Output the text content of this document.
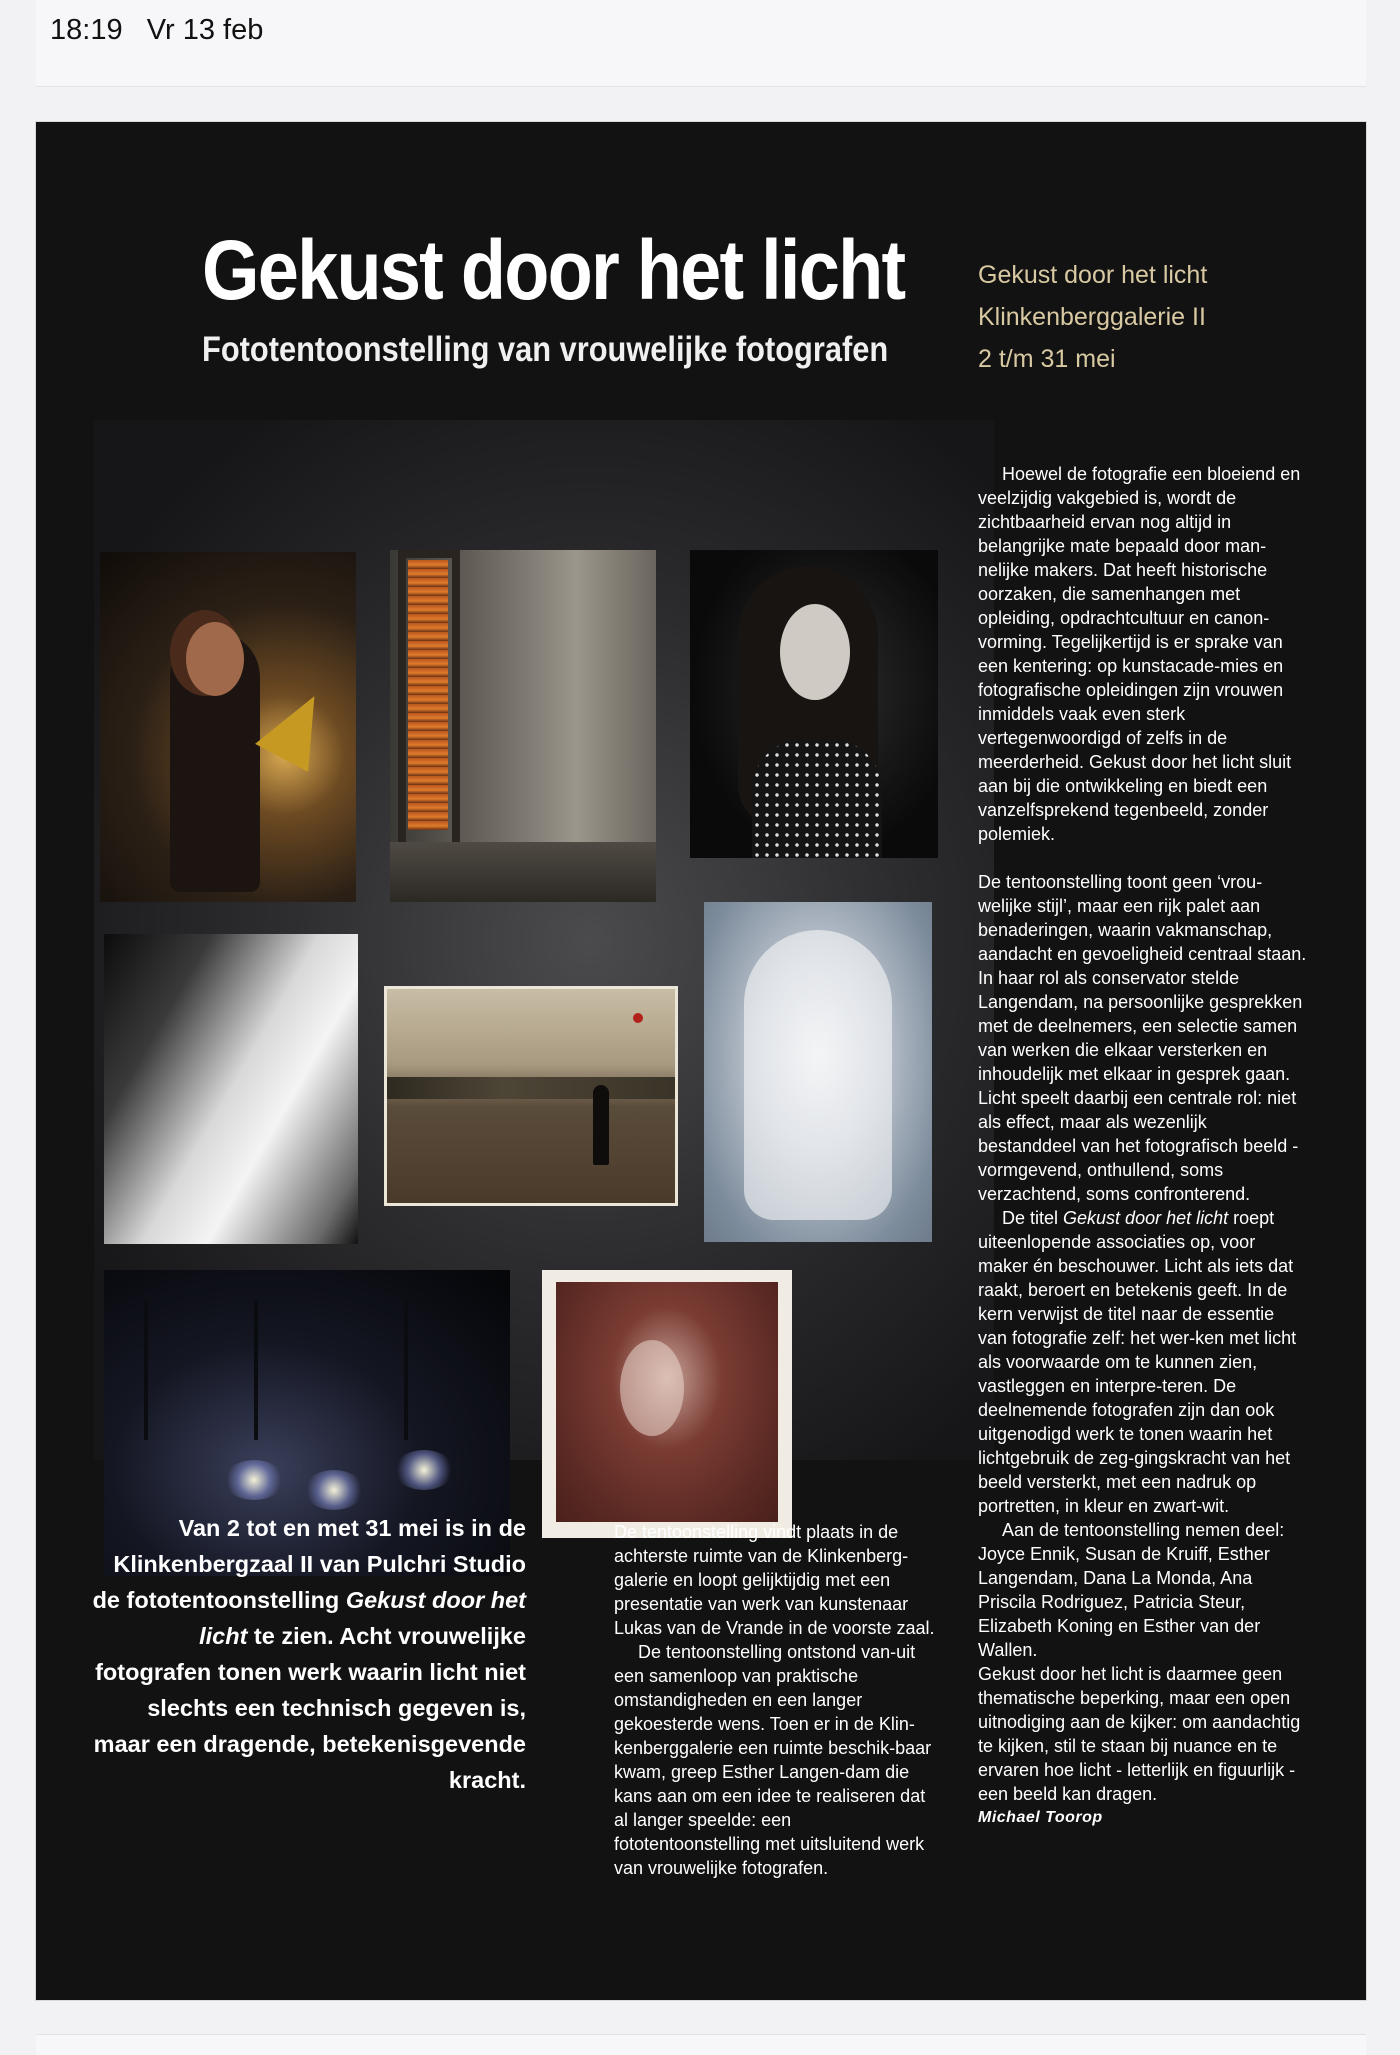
18:19 Vr 13 feb
Gekust door het licht
Fototentoonstelling van vrouwelijke fotografen
Gekust door het licht
Klinkenberggalerie II
2 t/m 31 mei

Van 2 tot en met 31 mei is in de Klinkenbergzaal II van Pulchri Studio de fototentoonstelling Gekust door het licht te zien. Acht vrouwelijke fotografen tonen werk waarin licht niet slechts een technisch gegeven is, maar een dragende, betekenisgevende kracht.

De tentoonstelling vindt plaats in de achterste ruimte van de Klinkenberg-galerie en loopt gelijktijdig met een presentatie van werk van kunstenaar Lukas van de Vrande in de voorste zaal.

De tentoonstelling ontstond van-uit een samenloop van praktische omstandigheden en een langer gekoesterde wens. Toen er in de Klin-kenberggalerie een ruimte beschik-baar kwam, greep Esther Langen-dam die kans aan om een idee te realiseren dat al langer speelde: een fototentoonstelling met uitsluitend werk van vrouwelijke fotografen.

Hoewel de fotografie een bloeiend en veelzijdig vakgebied is, wordt de zichtbaarheid ervan nog altijd in belangrijke mate bepaald door man-nelijke makers. Dat heeft historische oorzaken, die samenhangen met opleiding, opdrachtcultuur en canon-vorming. Tegelijkertijd is er sprake van een kentering: op kunstacade-mies en fotografische opleidingen zijn vrouwen inmiddels vaak even sterk vertegenwoordigd of zelfs in de meerderheid. Gekust door het licht sluit aan bij die ontwikkeling en biedt een vanzelfsprekend tegenbeeld, zonder polemiek.

De tentoonstelling toont geen ‘vrou-welijke stijl’, maar een rijk palet aan benaderingen, waarin vakmanschap, aandacht en gevoeligheid centraal staan. In haar rol als conservator stelde Langendam, na persoonlijke gesprekken met de deelnemers, een selectie samen van werken die elkaar versterken en inhoudelijk met elkaar in gesprek gaan. Licht speelt daarbij een centrale rol: niet als effect, maar als wezenlijk bestanddeel van het fotografisch beeld - vormgevend, onthullend, soms verzachtend, soms confronterend.

De titel Gekust door het licht roept uiteenlopende associaties op, voor maker én beschouwer. Licht als iets dat raakt, beroert en betekenis geeft. In de kern verwijst de titel naar de essentie van fotografie zelf: het wer-ken met licht als voorwaarde om te kunnen zien, vastleggen en interpre-teren. De deelnemende fotografen zijn dan ook uitgenodigd werk te tonen waarin het lichtgebruik de zeg-gingskracht van het beeld versterkt, met een nadruk op portretten, in kleur en zwart-wit.

Aan de tentoonstelling nemen deel: Joyce Ennik, Susan de Kruiff, Esther Langendam, Dana La Monda, Ana Priscila Rodriguez, Patricia Steur, Elizabeth Koning en Esther van der Wallen.

Gekust door het licht is daarmee geen thematische beperking, maar een open uitnodiging aan de kijker: om aandachtig te kijken, stil te staan bij nuance en te ervaren hoe licht - letterlijk en figuurlijk - een beeld kan dragen.

Michael Toorop
